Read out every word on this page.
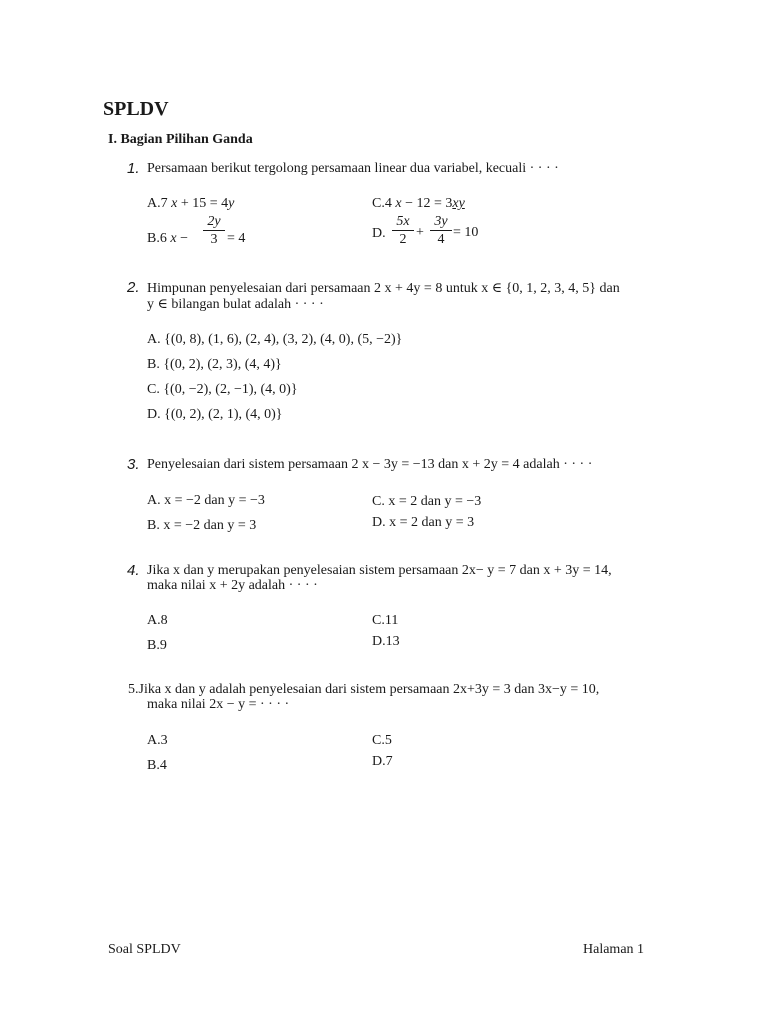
SPLDV
I. Bagian Pilihan Ganda
1. Persamaan berikut tergolong persamaan linear dua variabel, kecuali · · · ·
A.7 x + 15 = 4y	C.4 x − 12 = 3xy
B.6 $x - \frac{2y}{3} = 4$	D. $\frac{5x}{2} + \frac{3y}{4} = 10$
2. Himpunan penyelesaian dari persamaan 2 x + 4y = 8 untuk x ∈ {0, 1, 2, 3, 4, 5} dan
y ∈ bilangan bulat adalah · · · ·
A. {(0, 8), (1, 6), (2, 4), (3, 2), (4, 0), (5, −2)}
B. {(0, 2), (2, 3), (4, 4)}
C. {(0, −2), (2, −1), (4, 0)}
D. {(0, 2), (2, 1), (4, 0)}
3. Penyelesaian dari sistem persamaan 2 x − 3y = −13 dan x + 2y = 4 adalah · · · ·
A. x = −2 dan y = −3	C. x = 2 dan y = −3
B. x = −2 dan y = 3	D. x = 2 dan y = 3
4. Jika x dan y merupakan penyelesaian sistem persamaan 2x− y = 7 dan x + 3y = 14,
maka nilai x + 2y adalah · · · ·
A.8	C.11
B.9	D.13
5.Jika x dan y adalah penyelesaian dari sistem persamaan 2x+3y = 3 dan 3x−y = 10,
maka nilai 2x − y = · · · ·
A.3	C.5
B.4	D.7
Soal SPLDV	Halaman 1
